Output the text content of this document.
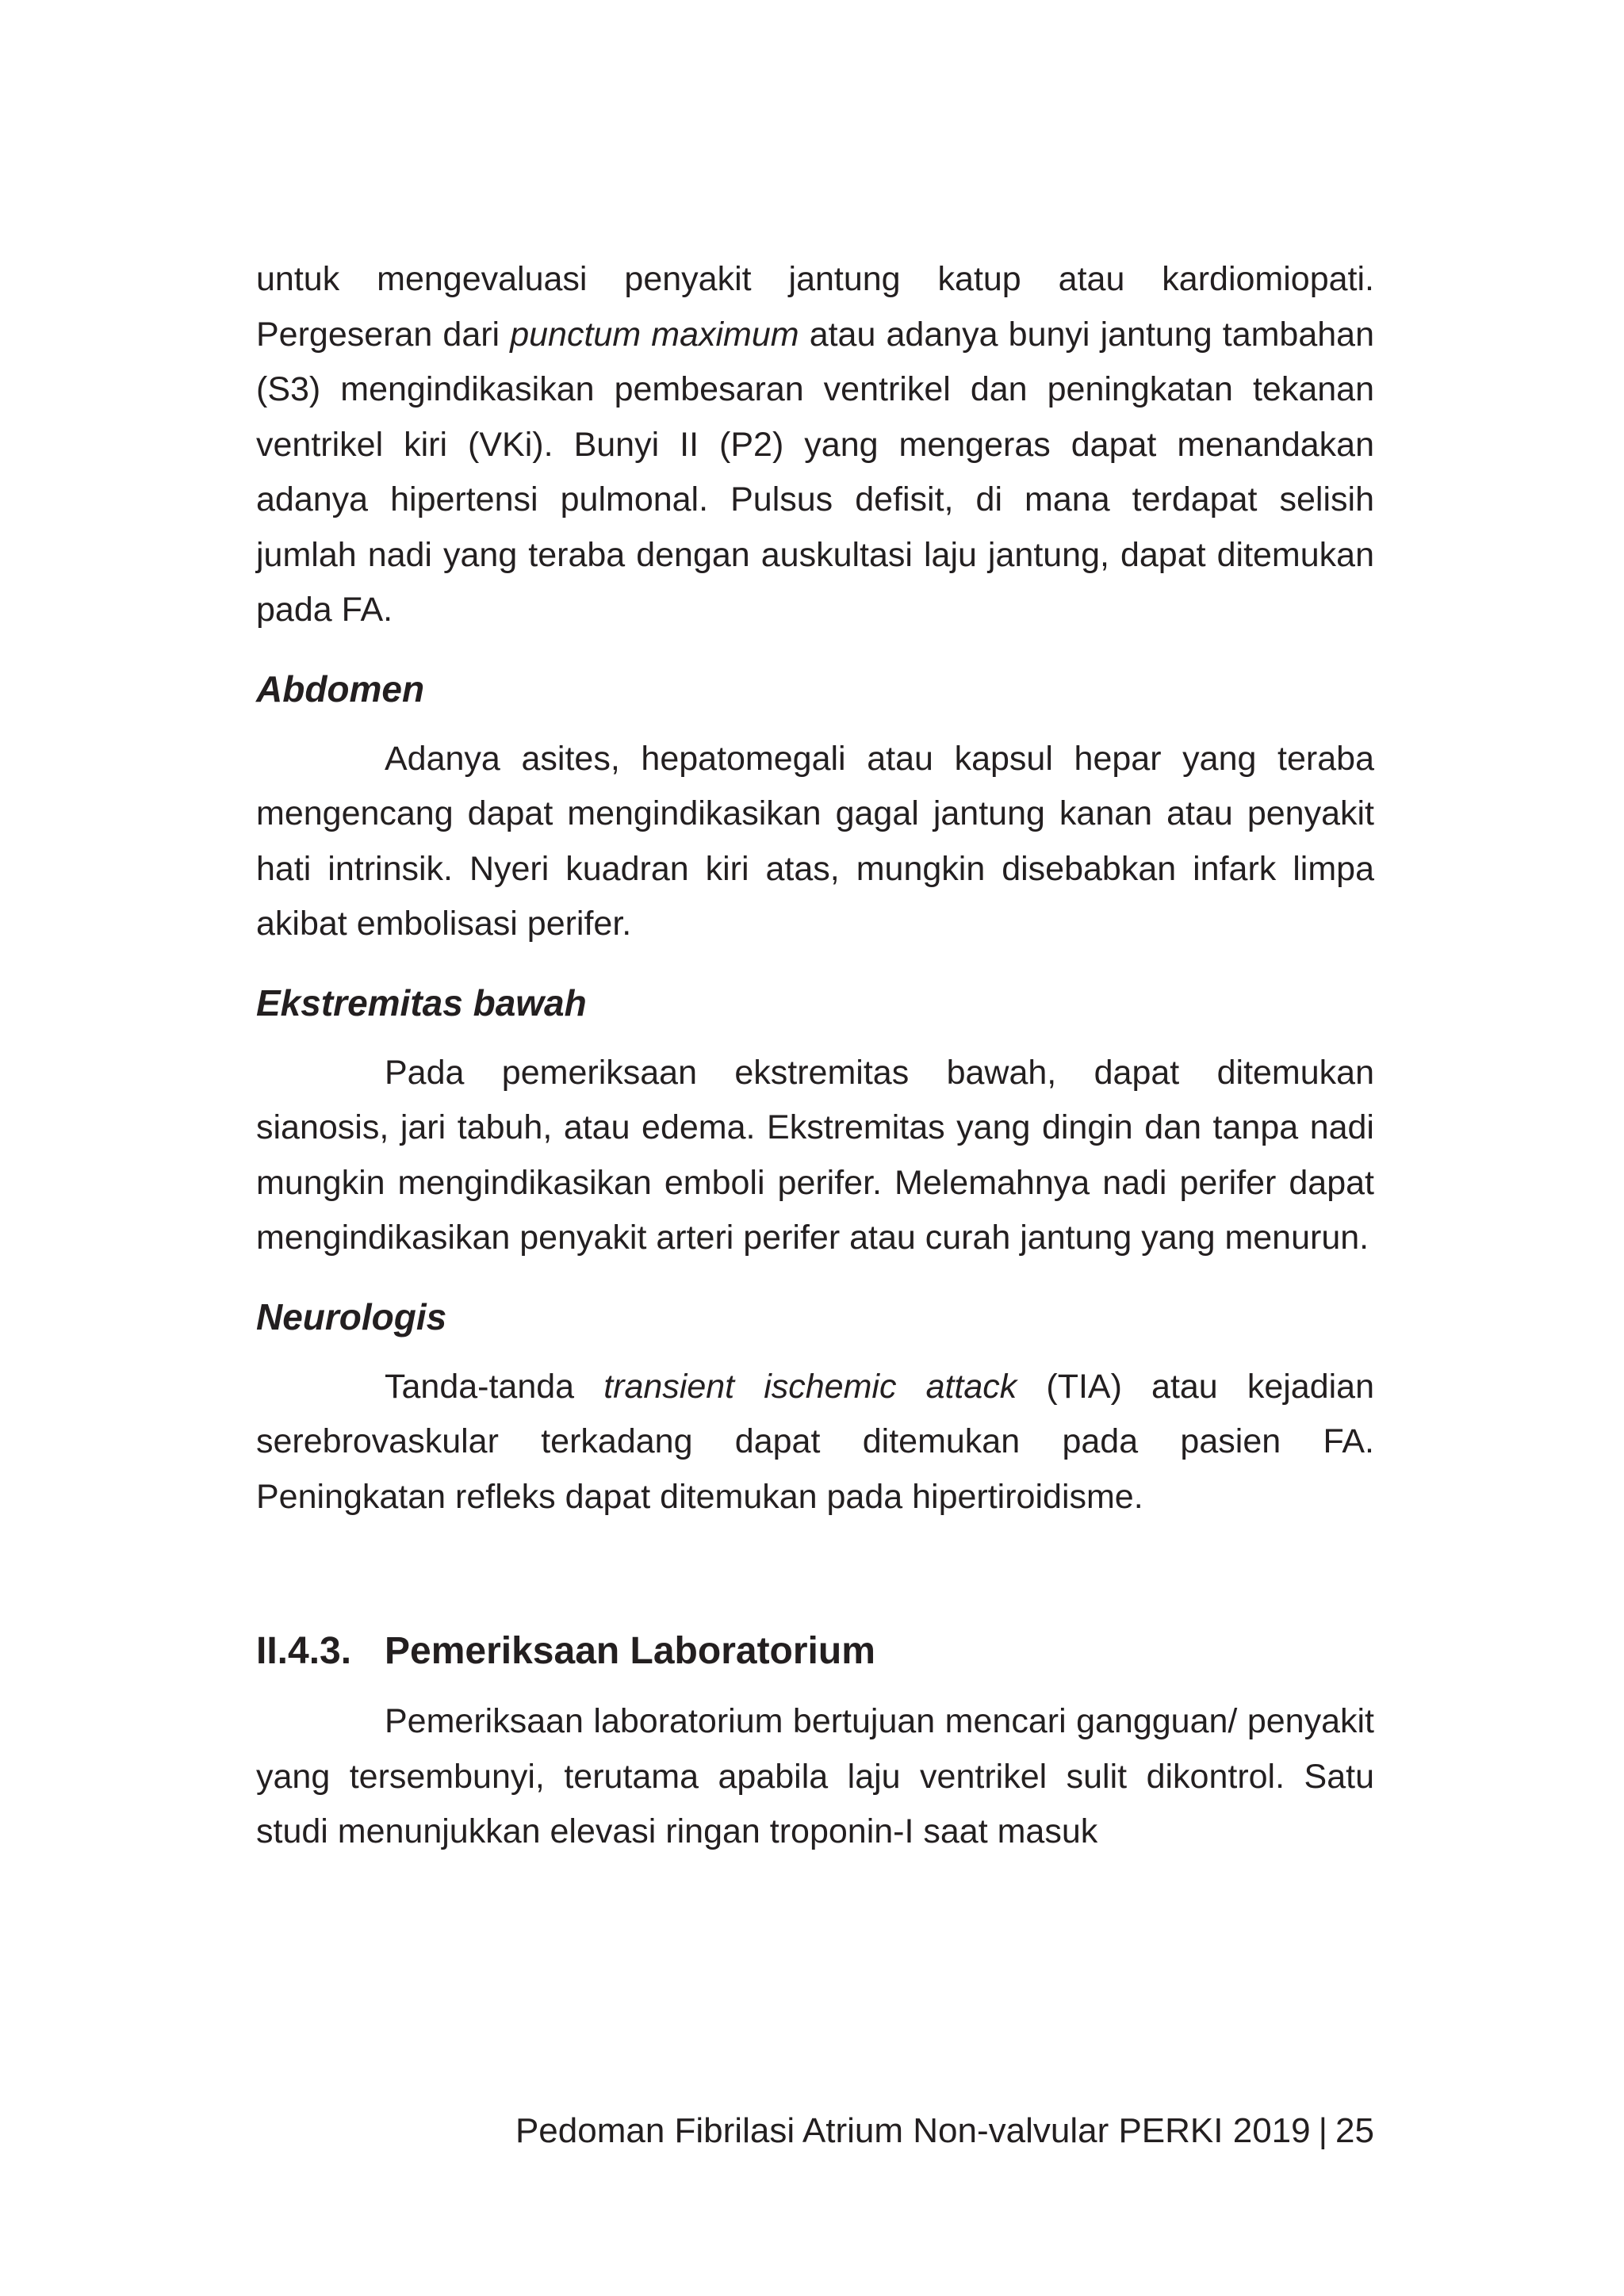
untuk mengevaluasi penyakit jantung katup atau kardiomiopati. Pergeseran dari punctum maximum atau adanya bunyi jantung tambahan (S3) mengindikasikan pembesaran ventrikel dan peningkatan tekanan ventrikel kiri (VKi). Bunyi II (P2) yang mengeras dapat menandakan adanya hipertensi pulmonal. Pulsus defisit, di mana terdapat selisih jumlah nadi yang teraba dengan auskultasi laju jantung, dapat ditemukan pada FA.

Abdomen

Adanya asites, hepatomegali atau kapsul hepar yang teraba mengencang dapat mengindikasikan gagal jantung kanan atau penyakit hati intrinsik. Nyeri kuadran kiri atas, mungkin disebabkan infark limpa akibat embolisasi perifer.

Ekstremitas bawah

Pada pemeriksaan ekstremitas bawah, dapat ditemukan sianosis, jari tabuh, atau edema. Ekstremitas yang dingin dan tanpa nadi mungkin mengindikasikan emboli perifer. Melemahnya nadi perifer dapat mengindikasikan penyakit arteri perifer atau curah jantung yang menurun.

Neurologis

Tanda-tanda transient ischemic attack (TIA) atau kejadian serebrovaskular terkadang dapat ditemukan pada pasien FA. Peningkatan refleks dapat ditemukan pada hipertiroidisme.

II.4.3. Pemeriksaan Laboratorium

Pemeriksaan laboratorium bertujuan mencari gangguan/ penyakit yang tersembunyi, terutama apabila laju ventrikel sulit dikontrol. Satu studi menunjukkan elevasi ringan troponin-I saat masuk

Pedoman Fibrilasi Atrium Non-valvular PERKI 2019 | 25
